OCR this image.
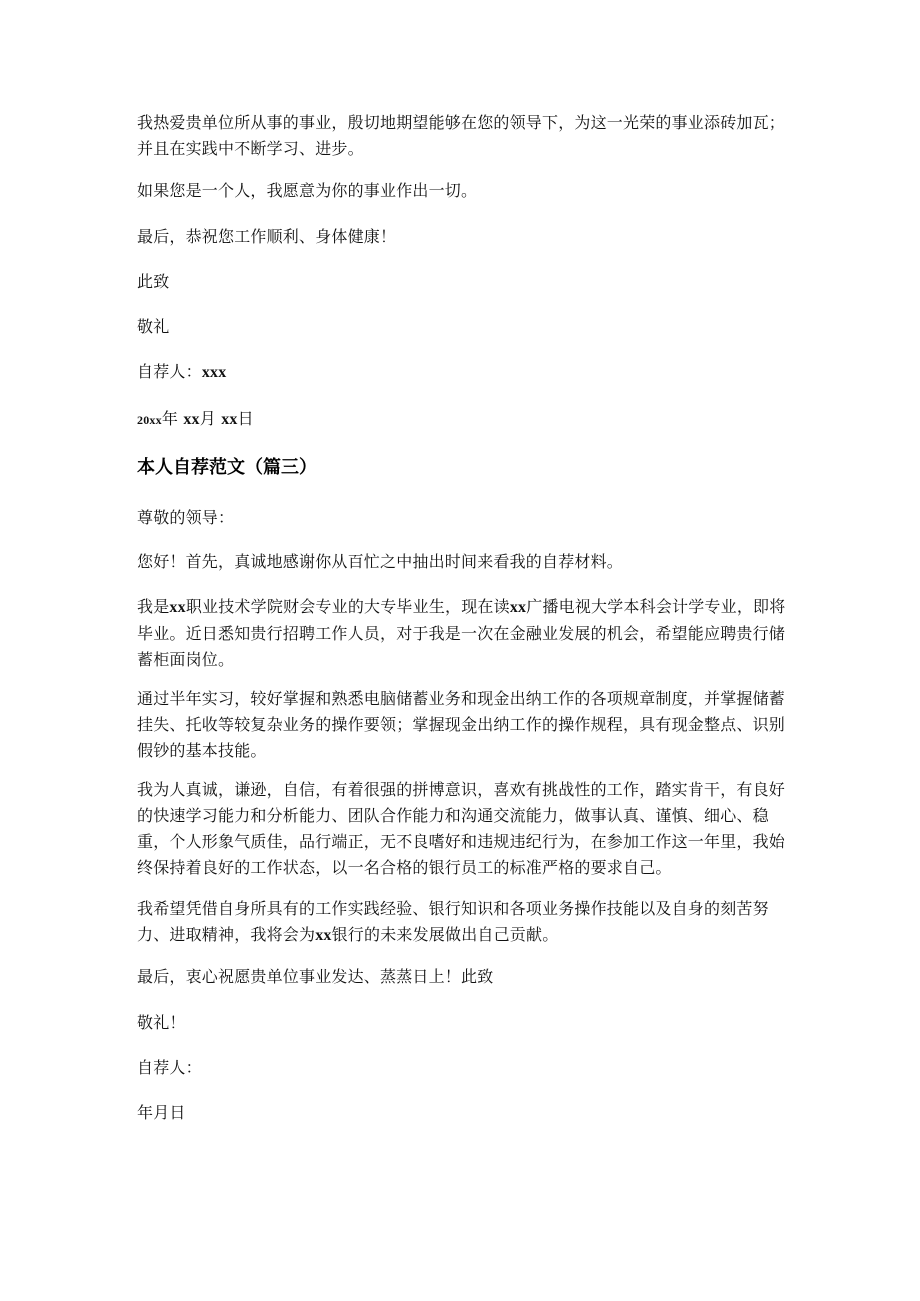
我热爱贵单位所从事的事业，殷切地期望能够在您的领导下，为这一光荣的事业添砖加瓦；并且在实践中不断学习、进步。

如果您是一个人，我愿意为你的事业作出一切。

最后，恭祝您工作顺利、身体健康！

此致

敬礼

自荐人：xxx

20xx年 xx月 xx日

本人自荐范文（篇三）

尊敬的领导：

您好！首先，真诚地感谢你从百忙之中抽出时间来看我的自荐材料。

我是xx职业技术学院财会专业的大专毕业生，现在读xx广播电视大学本科会计学专业，即将毕业。近日悉知贵行招聘工作人员，对于我是一次在金融业发展的机会，希望能应聘贵行储蓄柜面岗位。

通过半年实习，较好掌握和熟悉电脑储蓄业务和现金出纳工作的各项规章制度，并掌握储蓄挂失、托收等较复杂业务的操作要领；掌握现金出纳工作的操作规程，具有现金整点、识别假钞的基本技能。

我为人真诚，谦逊，自信，有着很强的拼博意识，喜欢有挑战性的工作，踏实肯干，有良好的快速学习能力和分析能力、团队合作能力和沟通交流能力，做事认真、谨慎、细心、稳重，个人形象气质佳，品行端正，无不良嗜好和违规违纪行为，在参加工作这一年里，我始终保持着良好的工作状态，以一名合格的银行员工的标准严格的要求自己。

我希望凭借自身所具有的工作实践经验、银行知识和各项业务操作技能以及自身的刻苦努力、进取精神，我将会为xx银行的未来发展做出自己贡献。

最后，衷心祝愿贵单位事业发达、蒸蒸日上！此致

敬礼！

自荐人：

年月日
